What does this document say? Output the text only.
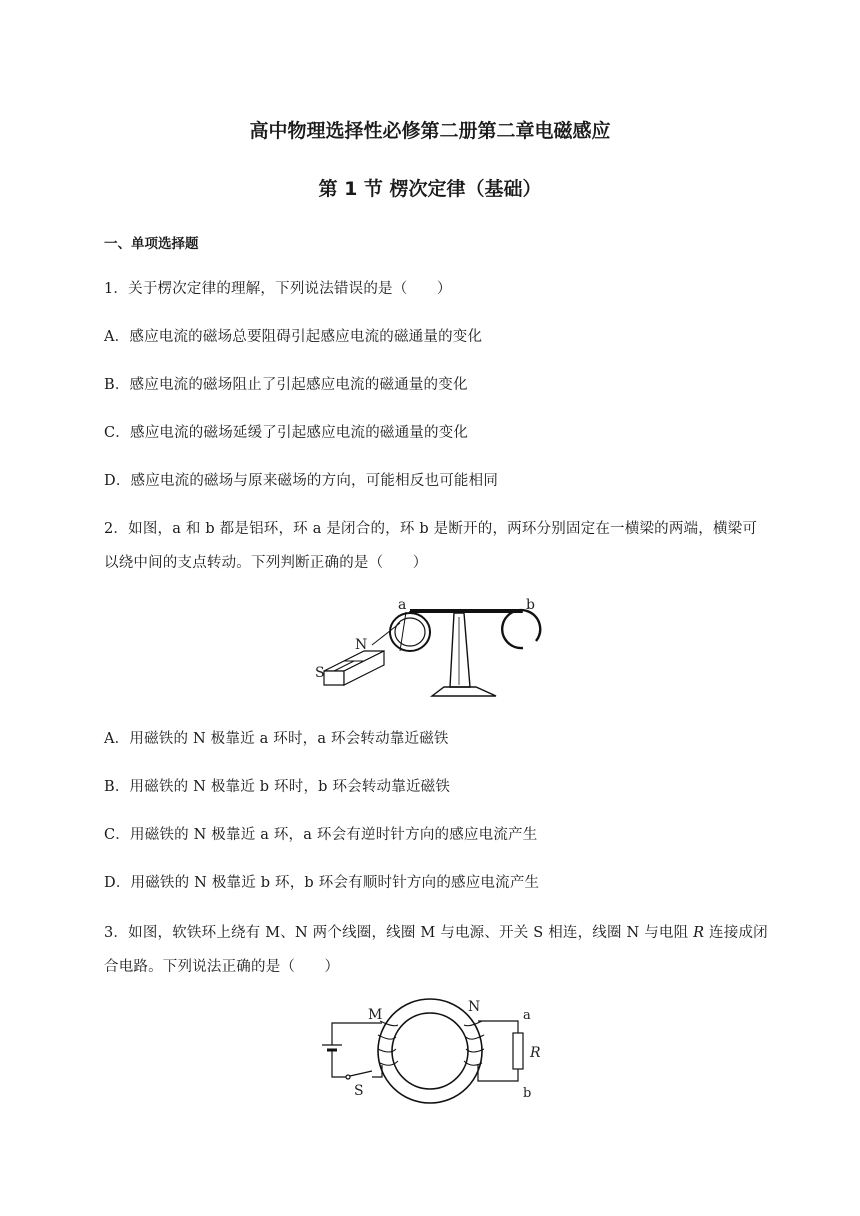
高中物理选择性必修第二册第二章电磁感应
第 1 节 楞次定律（基础）
一、单项选择题
1．关于楞次定律的理解，下列说法错误的是（　　）
A．感应电流的磁场总要阻碍引起感应电流的磁通量的变化
B．感应电流的磁场阻止了引起感应电流的磁通量的变化
C．感应电流的磁场延缓了引起感应电流的磁通量的变化
D．感应电流的磁场与原来磁场的方向，可能相反也可能相同
2．如图，a 和 b 都是铝环，环 a 是闭合的，环 b 是断开的，两环分别固定在一横梁的两端，横梁可
以绕中间的支点转动。下列判断正确的是（　　）
a	b
N
S
A．用磁铁的 N 极靠近 a 环时，a 环会转动靠近磁铁
B．用磁铁的 N 极靠近 b 环时，b 环会转动靠近磁铁
C．用磁铁的 N 极靠近 a 环，a 环会有逆时针方向的感应电流产生
D．用磁铁的 N 极靠近 b 环，b 环会有顺时针方向的感应电流产生
3．如图，软铁环上绕有 M、N 两个线圈，线圈 M 与电源、开关 S 相连，线圈 N 与电阻 R 连接成闭
合电路。下列说法正确的是（　　）
M	N
a
R
b
S
